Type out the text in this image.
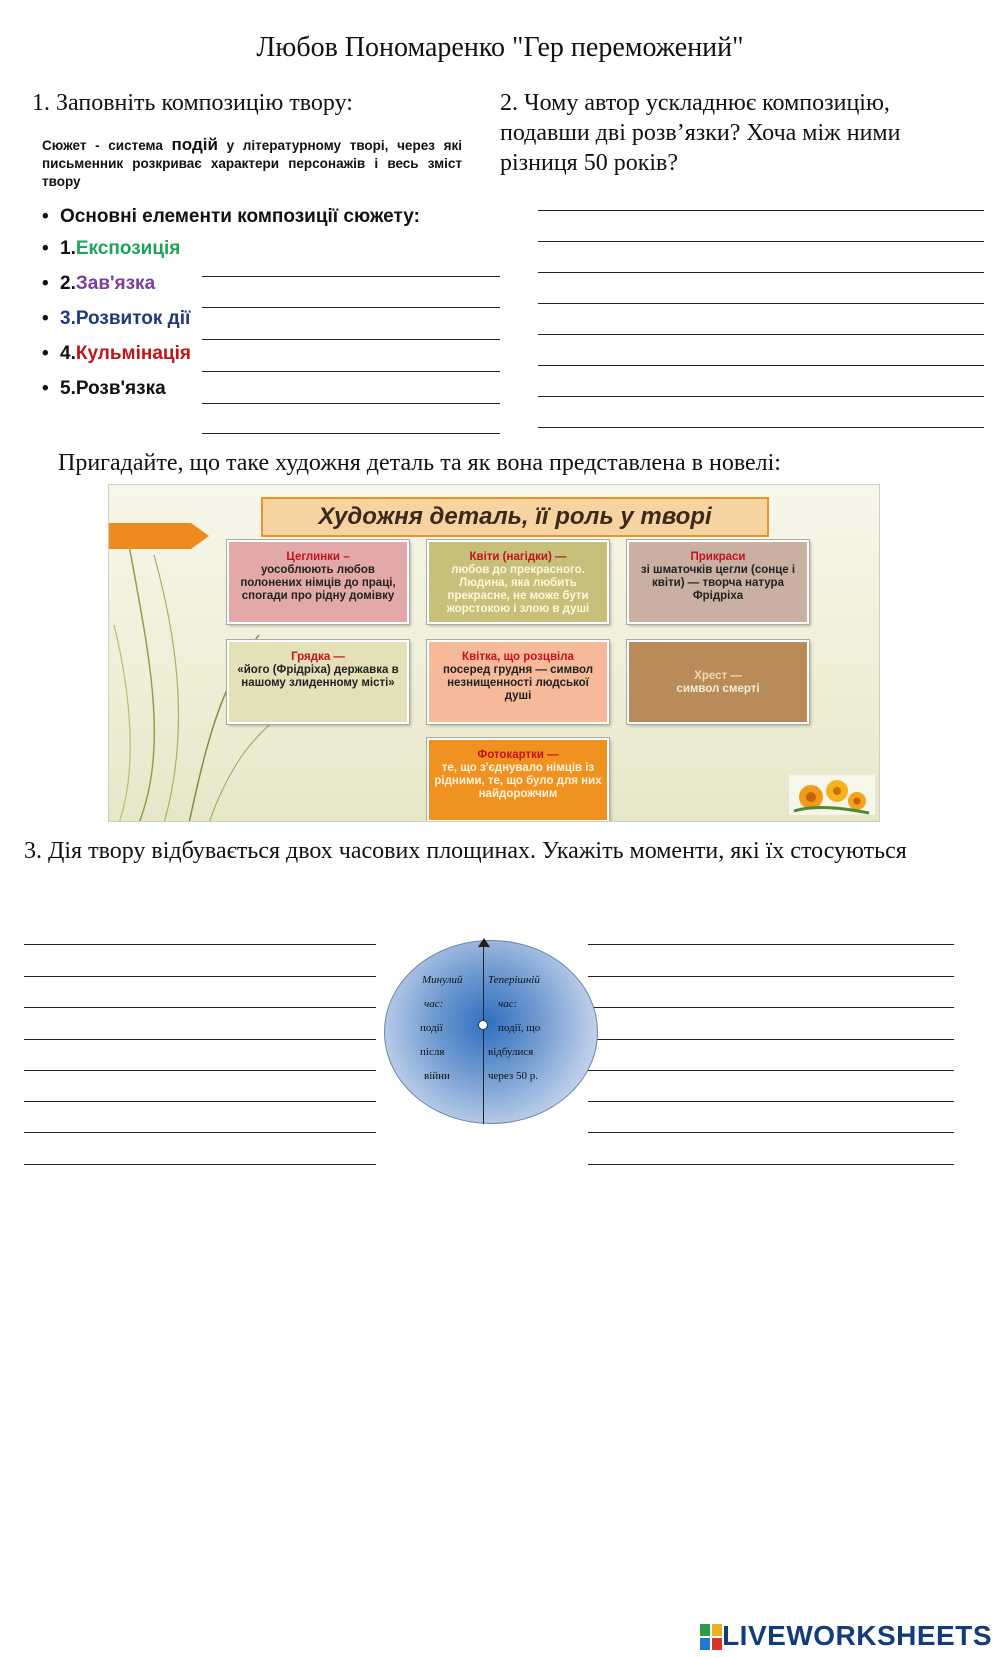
Любов Пономаренко "Гер переможений"
1. Заповніть композицію твору:
Сюжет - система подій у літературному творі, через які письменник розкриває характери персонажів і весь зміст твору
• Основні елементи композиції сюжету:
• 1.Експозиція
• 2.Зав'язка
• 3.Розвиток дії
• 4.Кульмінація
• 5.Розв'язка
2. Чому автор ускладнює композицію, подавши дві розв’язки? Хоча між ними різниця 50 років?
Пригадайте, що таке художня деталь та як вона представлена в новелі:
Художня деталь, її роль у творі
Цеглинки –
уособлюють любов полонених німців до праці, спогади про рідну домівку
Квіти (нагідки) —
любов до прекрасного. Людина, яка любить прекрасне, не може бути жорстокою і злою в душі
Прикраси
зі шматочків цегли (сонце і квіти) — творча натура Фрідріха
Грядка —
«його (Фрідріха) державка в нашому злиденному місті»
Квітка, що розцвіла
посеред грудня — символ незнищенності людської душі
Хрест —
символ смерті
Фотокартки —
те, що з'єднувало німців із рідними, те, що було для них найдорожчим
3. Дія твору відбувається двох часових площинах. Укажіть моменти, які їх стосуються
Минулий
час:
події
після
війни
Теперішній
час:
події, що
відбулися
через 50 р.
LIVEWORKSHEETS
